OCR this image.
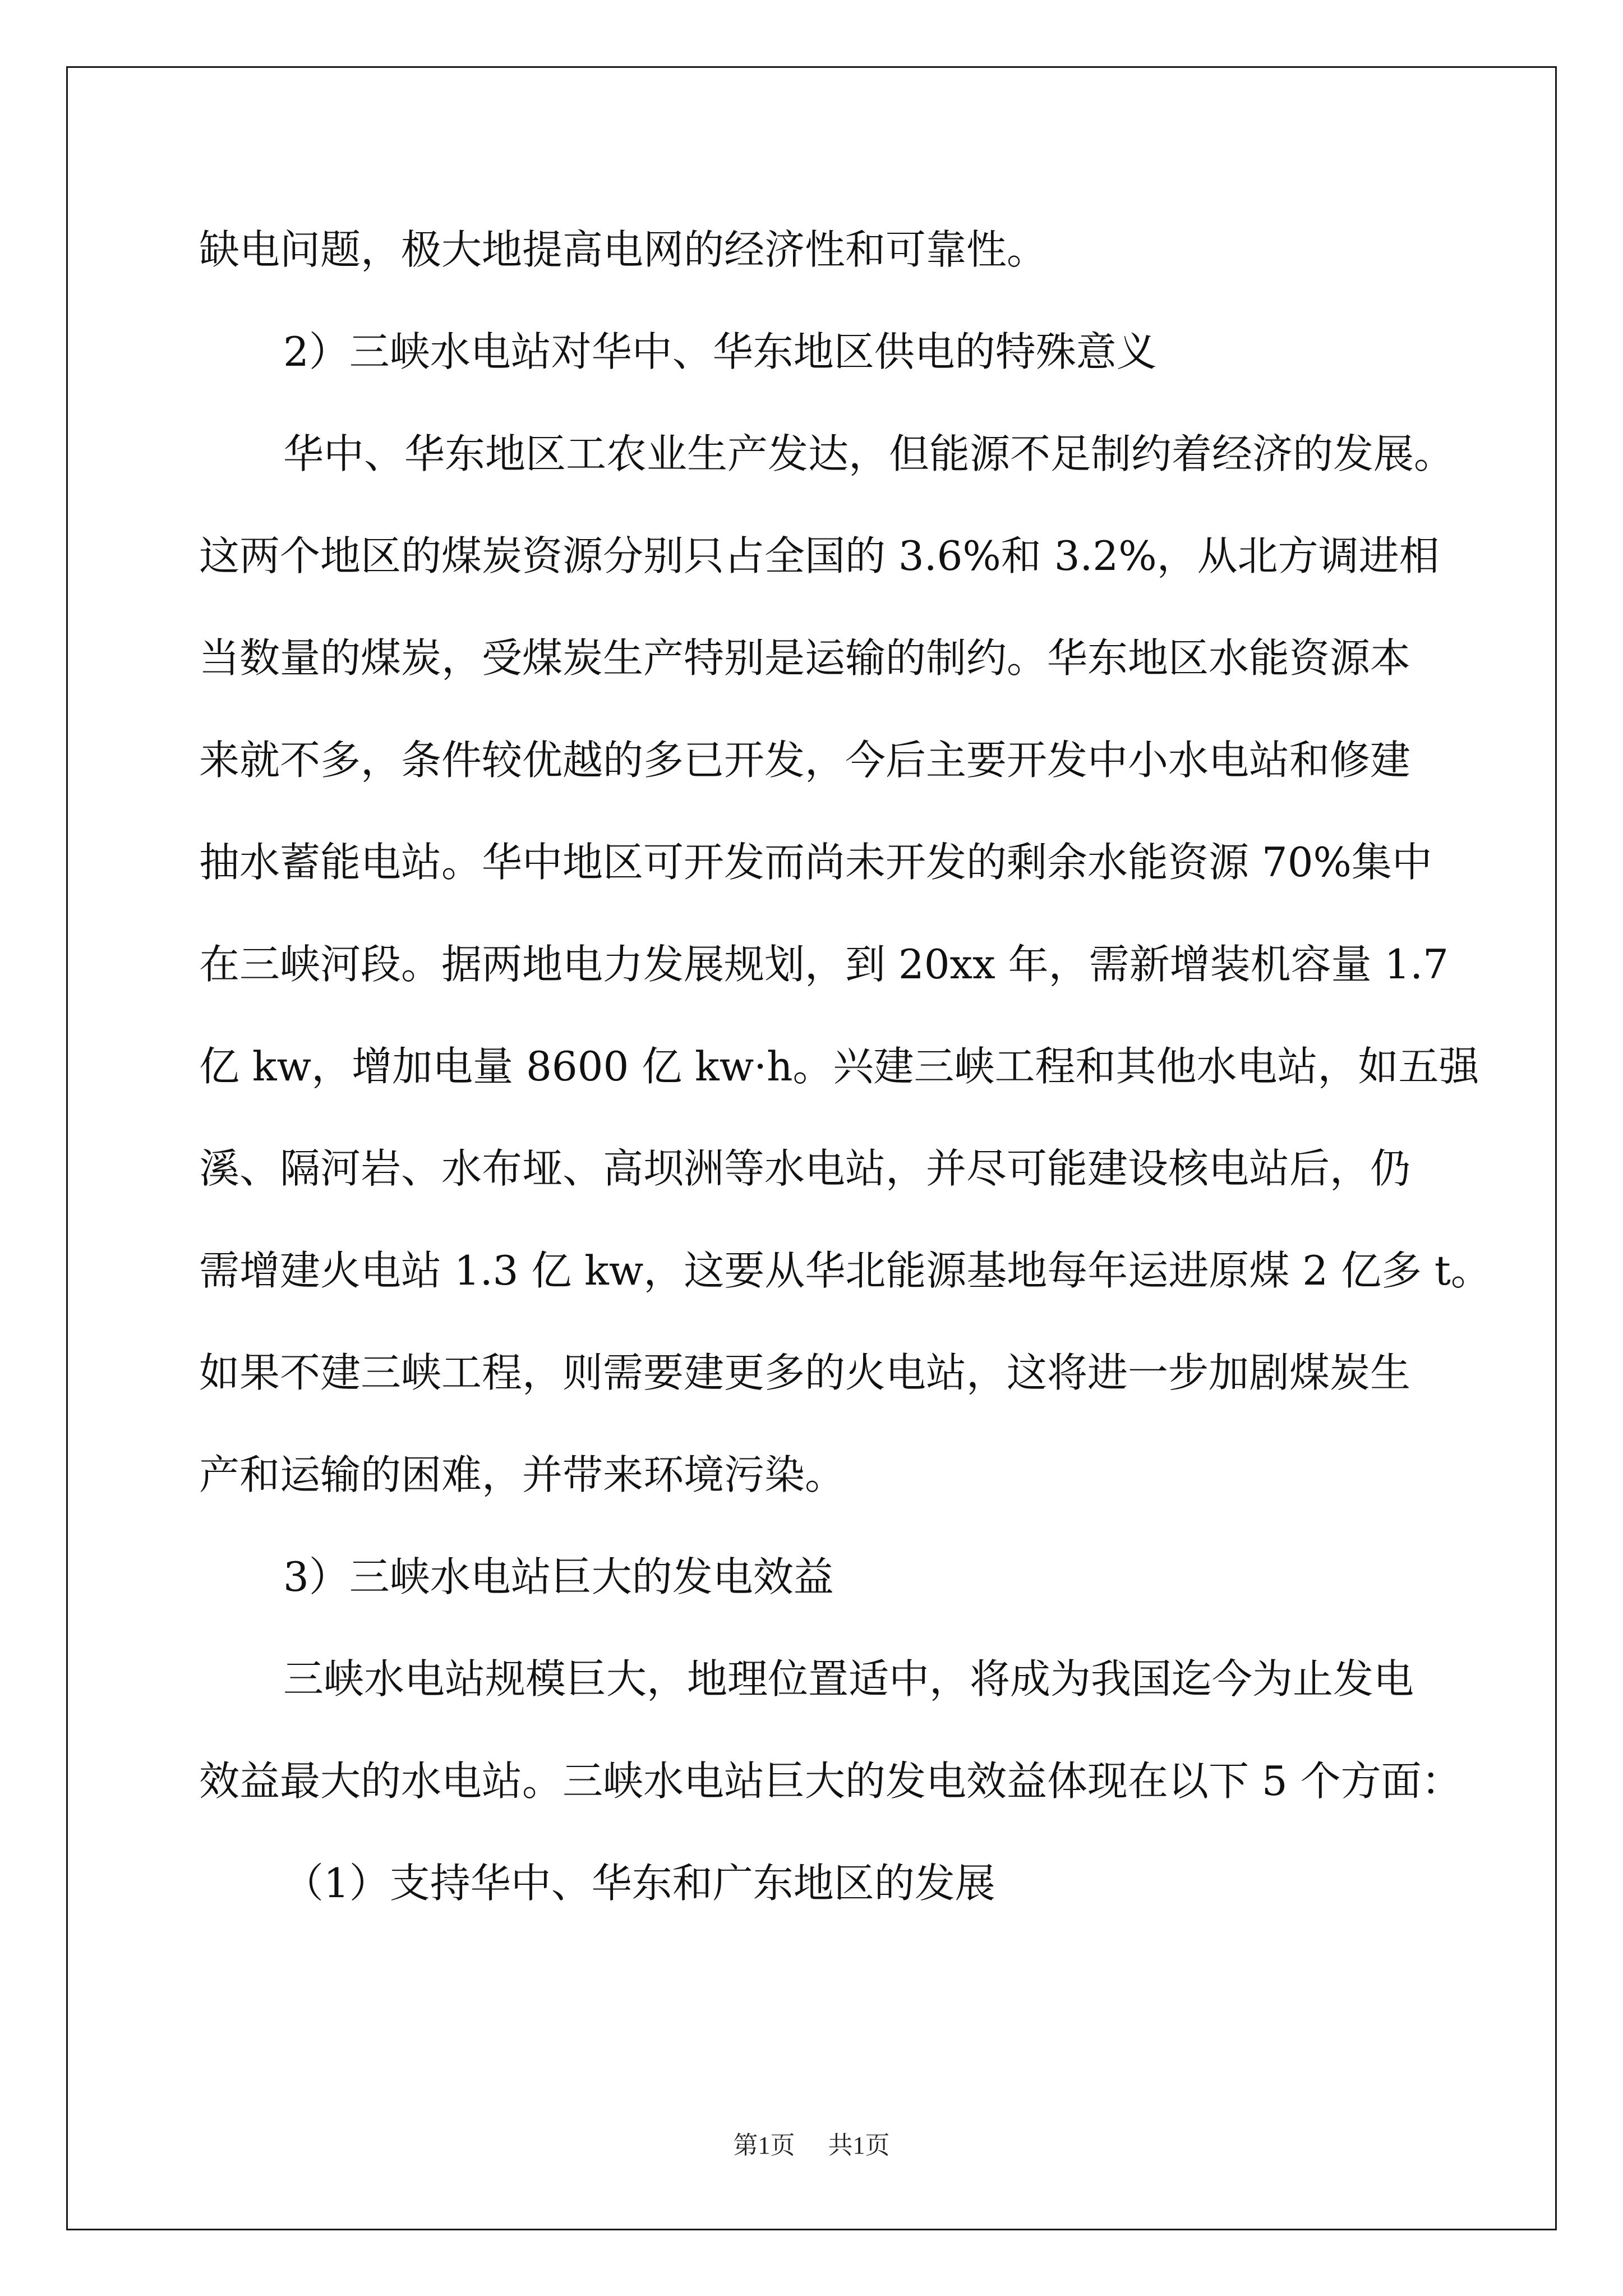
缺电问题，极大地提高电网的经济性和可靠性。
2）三峡水电站对华中、华东地区供电的特殊意义
华中、华东地区工农业生产发达，但能源不足制约着经济的发展。
这两个地区的煤炭资源分别只占全国的 3.6%和 3.2%，从北方调进相
当数量的煤炭，受煤炭生产特别是运输的制约。华东地区水能资源本
来就不多，条件较优越的多已开发，今后主要开发中小水电站和修建
抽水蓄能电站。华中地区可开发而尚未开发的剩余水能资源 70%集中
在三峡河段。据两地电力发展规划，到 20xx 年，需新增装机容量 1.7
亿 kw，增加电量 8600 亿 kw·h。兴建三峡工程和其他水电站，如五强
溪、隔河岩、水布垭、高坝洲等水电站，并尽可能建设核电站后，仍
需增建火电站 1.3 亿 kw，这要从华北能源基地每年运进原煤 2 亿多 t。
如果不建三峡工程，则需要建更多的火电站，这将进一步加剧煤炭生
产和运输的困难，并带来环境污染。
3）三峡水电站巨大的发电效益
三峡水电站规模巨大，地理位置适中，将成为我国迄今为止发电
效益最大的水电站。三峡水电站巨大的发电效益体现在以下 5 个方面：
（1）支持华中、华东和广东地区的发展
第1页 共1页
